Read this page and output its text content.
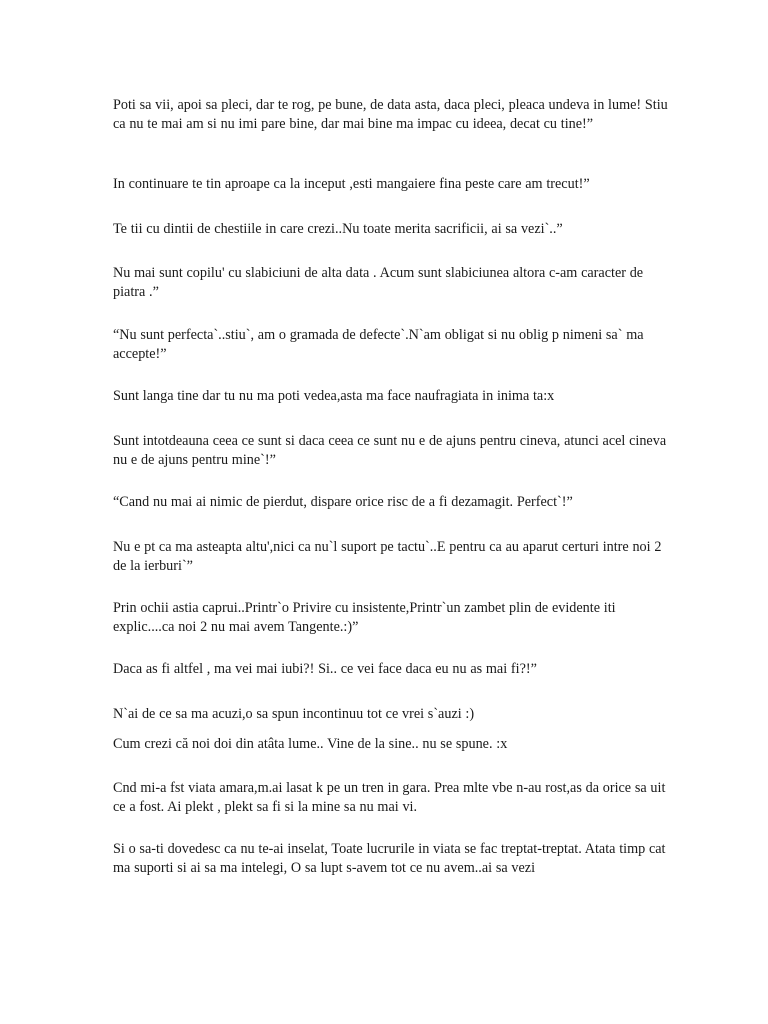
Poti sa vii, apoi sa pleci, dar te rog, pe bune, de data asta, daca pleci, pleaca undeva in lume! Stiu ca nu te mai am si nu imi pare bine, dar mai bine ma impac cu ideea, decat cu tine!”

In continuare te tin aproape ca la inceput ,esti mangaiere fina peste care am trecut!”

Te tii cu dintii de chestiile in care crezi..Nu toate merita sacrificii, ai sa vezi`..”

Nu mai sunt copilu' cu slabiciuni de alta data . Acum sunt slabiciunea altora c-am caracter de piatra .”

“Nu sunt perfecta`..stiu`, am o gramada de defecte`.N`am obligat si nu oblig p nimeni sa` ma accepte!”

Sunt langa tine dar tu nu ma poti vedea,asta ma face naufragiata in inima ta:x

Sunt intotdeauna ceea ce sunt si daca ceea ce sunt nu e de ajuns pentru cineva, atunci acel cineva nu e de ajuns pentru mine`!”

“Cand nu mai ai nimic de pierdut, dispare orice risc de a fi dezamagit. Perfect`!”

Nu e pt ca ma asteapta altu',nici ca nu`l suport pe tactu`..E pentru ca au aparut certuri intre noi 2 de la ierburi`”

Prin ochii astia caprui..Printr`o Privire cu insistente,Printr`un zambet plin de evidente iti explic....ca noi 2 nu mai avem Tangente.:)”

Daca as fi altfel , ma vei mai iubi?! Si.. ce vei face daca eu nu as mai fi?!”

N`ai de ce sa ma acuzi,o sa spun incontinuu tot ce vrei s`auzi :)

Cum crezi că noi doi din atâta lume.. Vine de la sine.. nu se spune. :x

Cnd mi-a fst viata amara,m.ai lasat k pe un tren in gara. Prea mlte vbe n-au rost,as da orice sa uit ce a fost. Ai plekt , plekt sa fi si la mine sa nu mai vi.

Si o sa-ti dovedesc ca nu te-ai inselat, Toate lucrurile in viata se fac treptat-treptat. Atata timp cat ma suporti si ai sa ma intelegi, O sa lupt s-avem tot ce nu avem..ai sa vezi
